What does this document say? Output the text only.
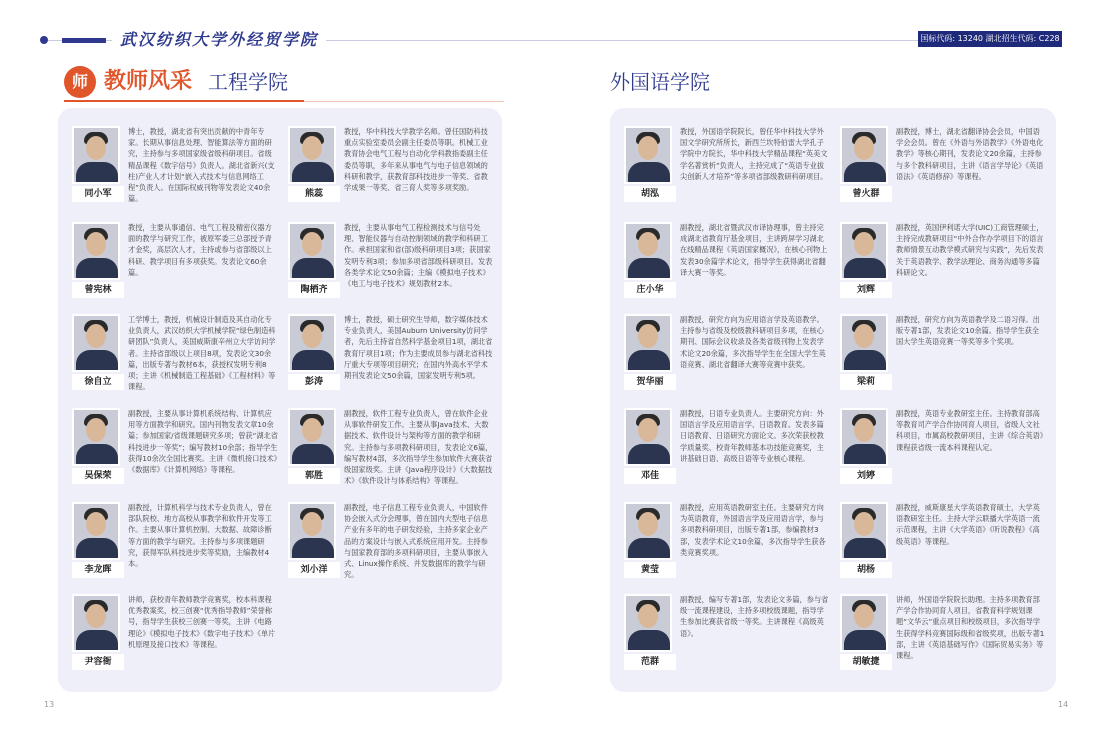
武汉纺织大学外经贸学院	国标代码: 13240 湖北招生代码: C228
师 教师风采 工程学院	外国语学院
同小军
博士，教授，湖北省有突出贡献的中青年专家。长期从事信息处理、智能算法等方面的研究，主持参与多项国家级省级科研项目。省级精品课程《数字信号》负责人。湖北省新兴(支柱)产业人才计划“嵌入式技术与信息网络工程”负责人。在国际权威刊物等发表论文40余篇。	熊蕊
教授，华中科技大学教学名师。曾任国防科技重点实验室委员会副主任委员等职。机械工业教育协会电气工程与自动化学科教指委副主任委员等职，多年来从事电气与电子信息领域的科研和教学，获教育部科技进步一等奖、省教学成果一等奖、省三育人奖等多项奖励。
曾宪林
教授，主要从事通信、电气工程及精密仪器方面的教学与研究工作，被原军委三总部授予青才金奖，高层次人才，主持或参与省部级以上科研、教学项目有多项获奖。发表论文60余篇。
陶栖齐
教授，主要从事电气工程检测技术与信号处理、智能仪器与自动控制领域的教学和科研工作。承担国家和省(部)级科研项目3项；获国家发明专利3项；参加多项省部级科研项目。发表各类学术论文50余篇；主编《模拟电子技术》《电工与电子技术》规划教材2本。
徐自立
工学博士，教授，机械设计制造及其自动化专业负责人，武汉纺织大学机械学院“绿色制造科研团队”负责人，美国威斯康辛州立大学访问学者。主持省部级以上项目8项，发表论文30余篇，出版专著与教材6本，获授权发明专利8项；主讲《机械制造工程基础》《工程材料》等课程。	彭涛
博士，教授，硕士研究生导师，数字媒体技术专业负责人，美国Auburn University访问学者，先后主持省自然科学基金项目1项，湖北省教育厅项目1项；作为主要成员参与湖北省科技厅重大专项等项目研究；在国内外高水平学术期刊发表论文50余篇，国家发明专利5项。
吴保荣
副教授，主要从事计算机系统结构、计算机应用等方面教学和研究。国内刊物发表文章10余篇；参加国家/省级课题研究多项；曾获“湖北省科技进步一等奖”；编写教材10余部；指导学生获得10余次全国比赛奖。主讲《微机接口技术》《数据库》《计算机网络》等课程。
郭胜
副教授，软件工程专业负责人，曾在软件企业从事软件研发工作。主要从事Java技术、大数据技术、软件设计与架构等方面的教学和研究。主持参与多项教科研项目，发表论文6篇，编写教材4部，多次指导学生参加软件大赛获省级国家级奖。主讲《Java程序设计》《大数据技术》《软件设计与体系结构》等课程。
李龙晖
副教授，计算机科学与技术专业负责人，曾在部队院校、地方高校从事教学和软件开发等工作。主要从事计算机控制、大数据、故障诊断等方面的教学与研究。主持参与多项课题研究，获得军队科技进步奖等奖励，主编教材4本。
刘小洋
副教授，电子信息工程专业负责人，中国软件协会嵌入式分会理事，曾在国内大型电子信息产业有多年的电子研发经验，主持多家企业产品的方案设计与嵌入式系统应用开发。主持参与国家教育部的多项科研项目，主要从事嵌入式、Linux操作系统、并发数据库的教学与研究。
尹容衙
讲师，获校青年教师教学竞赛奖，校本科课程优秀教案奖，校三创赛“优秀指导教师”荣誉称号，指导学生获校三创赛一等奖，主讲《电路理论》《模拟电子技术》《数字电子技术》《单片机原理及接口技术》等课程。
胡泓
教授，外国语学院院长，曾任华中科技大学外国文学研究所所长，新西兰坎特伯雷大学孔子学院中方院长，华中科技大学精品课程“英美文学名著赏析”负责人，主持完成了“英语专业拔尖创新人才培养”等多项省部级教研科研项目。
曾火群
副教授，博士，湖北省翻译协会会员，中国语学会会员。曾在《外语与外语教学》《外语电化教学》等核心期刊，发表论文20余篇，主持参与多个教科研项目，主讲《语言学导论》《英语语法》《英语修辞》等课程。
庄小华
副教授，湖北省暨武汉市译协理事，曾主持完成湖北省教育厅基金项目，主讲跨屏学习湖北在线精品课程《英语国家概况》，在核心刊物上发表30余篇学术论文，指导学生获得湖北省翻译大赛一等奖。
刘辉
副教授，英国伊利诺大学(UIC)工商管理硕士，主持完成教研项目“中外合作办学项目下的语言教师情景互动教学模式研究与实践”，先后发表关于英语教学、教学法理论、商务沟通等多篇科研论文。
贺华丽
副教授，研究方向为应用语言学及英语教学。主持参与省级及校级教科研项目多项，在核心期刊、国际会议收录及各类省级刊物上发表学术论文20余篇，多次指导学生在全国大学生英语竞赛、湖北省翻译大赛等竞赛中获奖。
梁莉
副教授，研究方向为英语教学及二语习得。出版专著1部，发表论文10余篇。指导学生获全国大学生英语竞赛一等奖等多个奖项。
邓佳
副教授，日语专业负责人。主要研究方向：外国语言学及应用语言学、日语教育。发表多篇日语教育、日语研究方面论文。多次荣获校教学质量奖、校青年教师基本功技能竞赛奖，主讲基础日语、高级日语等专业核心课程。
刘婷
副教授，英语专业教研室主任。主持教育部高等教育司产学合作协同育人项目，省级人文社科项目，市属高校教研项目，主讲《综合英语》课程获省级一流本科课程认定。
黄莹
副教授，应用英语教研室主任。主要研究方向为英语教育，外国语言学及应用语言学，参与多项教科研项目，出版专著1部，参编教材3部，发表学术论文10余篇，多次指导学生获各类竞赛奖项。
胡杨
副教授，威斯康星大学英语教育硕士，大学英语教研室主任。主持大学云联播大学英语一流示范课程，主讲《大学英语》《听说教程》《高级英语》等课程。
范群
副教授，编写专著1部，发表论文多篇，参与省级一流课程建设，主持多项校级课题，指导学生参加比赛获省级一等奖。主讲课程《高级英语》。
胡敏捷
讲师，外国语学院院长助理。主持多项教育部产学合作协同育人项目，省教育科学规划课题“文华云”重点项目和校级项目，多次指导学生获得学科竞赛国际级和省级奖项，出版专著1部，主讲《英语基础写作》《国际贸易实务》等课程。
13	14
